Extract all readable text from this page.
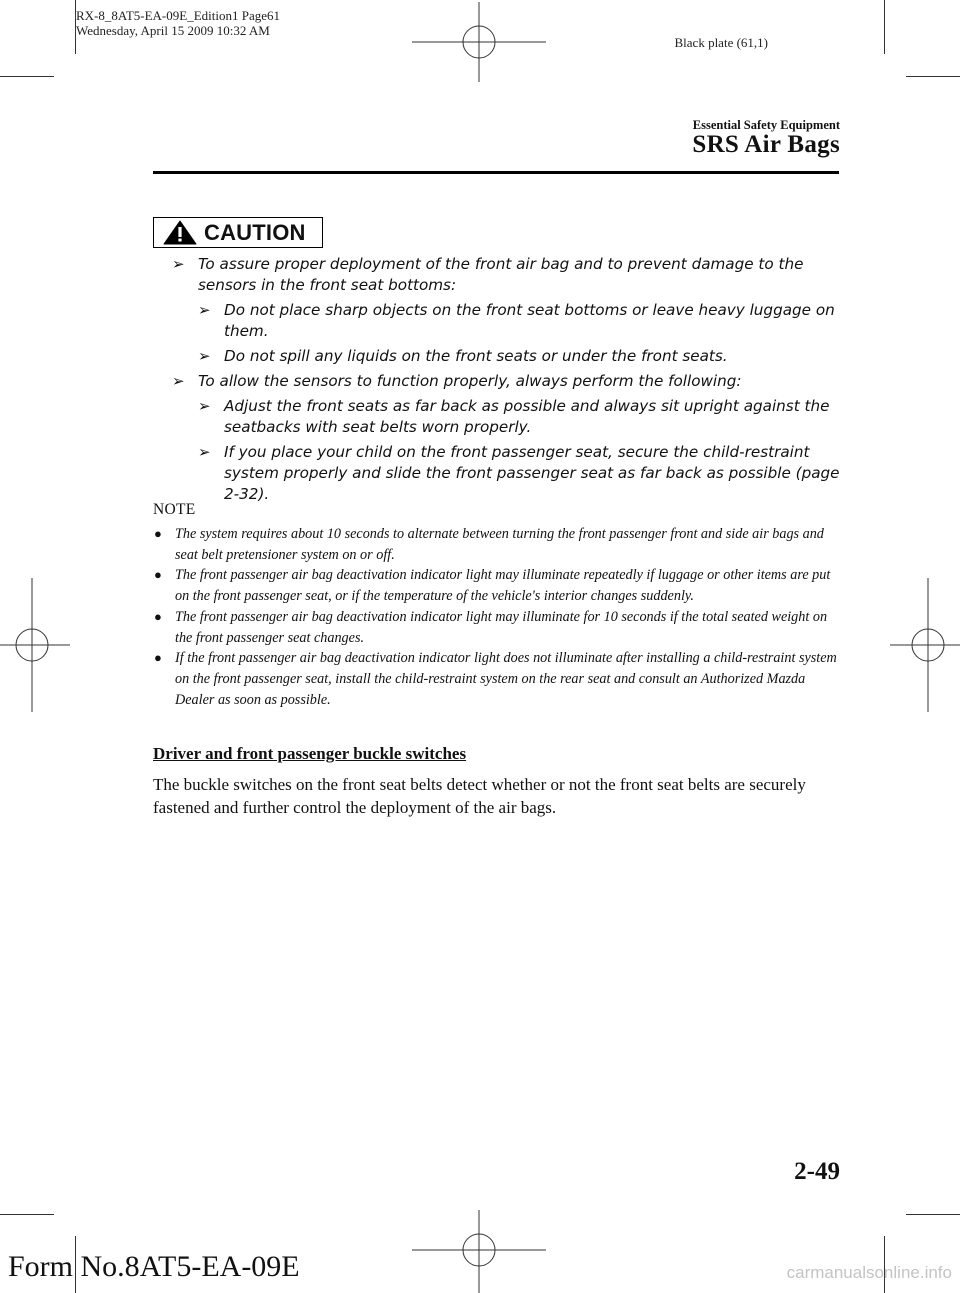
RX-8_8AT5-EA-09E_Edition1 Page61
Wednesday, April 15 2009 10:32 AM
Black plate (61,1)
Essential Safety Equipment
SRS Air Bags
CAUTION
➢ To assure proper deployment of the front air bag and to prevent damage to the sensors in the front seat bottoms:
➢ Do not place sharp objects on the front seat bottoms or leave heavy luggage on them.
➢ Do not spill any liquids on the front seats or under the front seats.
➢ To allow the sensors to function properly, always perform the following:
➢ Adjust the front seats as far back as possible and always sit upright against the seatbacks with seat belts worn properly.
➢ If you place your child on the front passenger seat, secure the child-restraint system properly and slide the front passenger seat as far back as possible (page 2-32).
NOTE
● The system requires about 10 seconds to alternate between turning the front passenger front and side air bags and seat belt pretensioner system on or off.
● The front passenger air bag deactivation indicator light may illuminate repeatedly if luggage or other items are put on the front passenger seat, or if the temperature of the vehicle's interior changes suddenly.
● The front passenger air bag deactivation indicator light may illuminate for 10 seconds if the total seated weight on the front passenger seat changes.
● If the front passenger air bag deactivation indicator light does not illuminate after installing a child-restraint system on the front passenger seat, install the child-restraint system on the rear seat and consult an Authorized Mazda Dealer as soon as possible.
Driver and front passenger buckle switches
The buckle switches on the front seat belts detect whether or not the front seat belts are securely fastened and further control the deployment of the air bags.
2-49
Form No.8AT5-EA-09E	carmanualsonline.info
